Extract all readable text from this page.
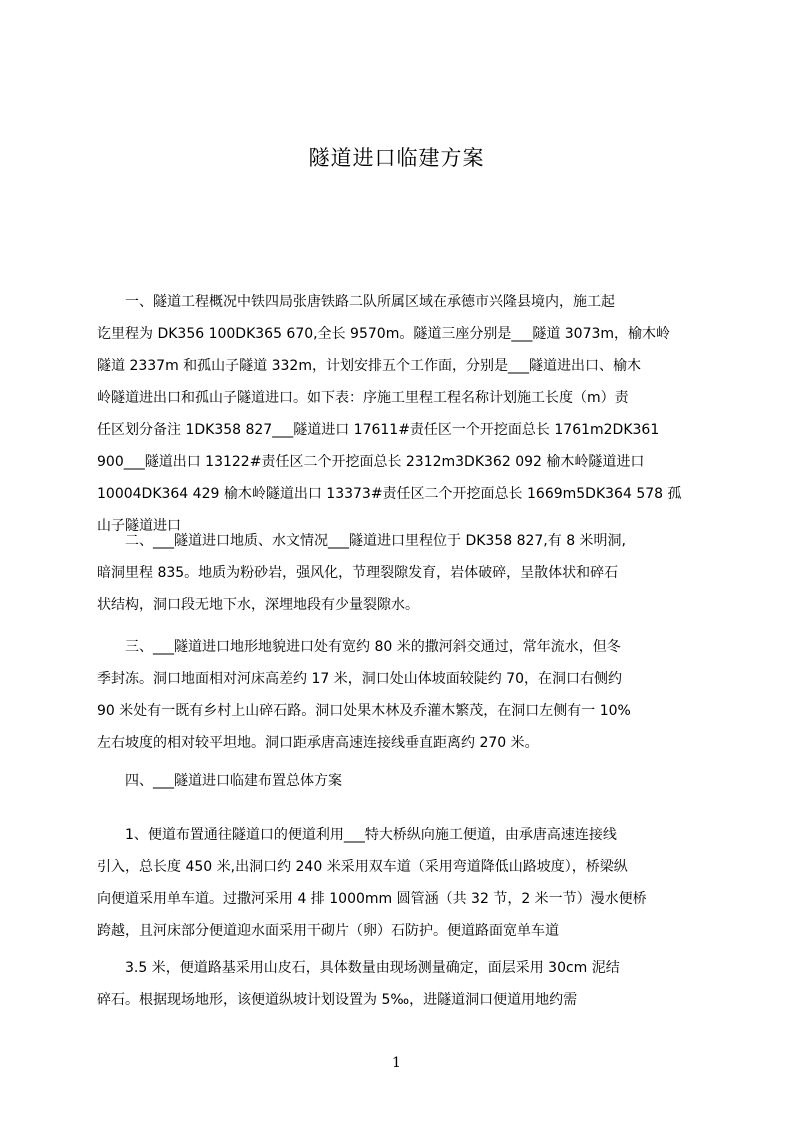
隧道进口临建方案
　　一、隧道工程概况中铁四局张唐铁路二队所属区域在承德市兴隆县境内，施工起
讫里程为 DK356 100DK365 670,全长 9570m。隧道三座分别是___隧道 3073m，榆木岭
隧道 2337m 和孤山子隧道 332m，计划安排五个工作面，分别是___隧道进出口、榆木
岭隧道进出口和孤山子隧道进口。如下表：序施工里程工程名称计划施工长度（m）责
任区划分备注 1DK358 827___隧道进口 17611#责任区一个开挖面总长 1761m2DK361
900___隧道出口 13122#责任区二个开挖面总长 2312m3DK362 092 榆木岭隧道进口
10004DK364 429 榆木岭隧道出口 13373#责任区二个开挖面总长 1669m5DK364 578 孤
山子隧道进口
　　二、___隧道进口地质、水文情况___隧道进口里程位于 DK358 827,有 8 米明洞,
暗洞里程 835。地质为粉砂岩，强风化，节理裂隙发育，岩体破碎，呈散体状和碎石
状结构，洞口段无地下水，深埋地段有少量裂隙水。
　　三、___隧道进口地形地貌进口处有宽约 80 米的撒河斜交通过，常年流水，但冬
季封冻。洞口地面相对河床高差约 17 米，洞口处山体坡面较陡约 70，在洞口右侧约
90 米处有一既有乡村上山碎石路。洞口处果木林及乔灌木繁茂，在洞口左侧有一 10%
左右坡度的相对较平坦地。洞口距承唐高速连接线垂直距离约 270 米。
　　四、___隧道进口临建布置总体方案
　　1、便道布置通往隧道口的便道利用___特大桥纵向施工便道，由承唐高速连接线
引入，总长度 450 米,出洞口约 240 米采用双车道（采用弯道降低山路坡度），桥梁纵
向便道采用单车道。过撒河采用 4 排 1000mm 圆管涵（共 32 节，2 米一节）漫水便桥
跨越，且河床部分便道迎水面采用干砌片（卵）石防护。便道路面宽单车道
　　3.5 米，便道路基采用山皮石，具体数量由现场测量确定，面层采用 30cm 泥结
碎石。根据现场地形，该便道纵坡计划设置为 5‰，进隧道洞口便道用地约需
1
